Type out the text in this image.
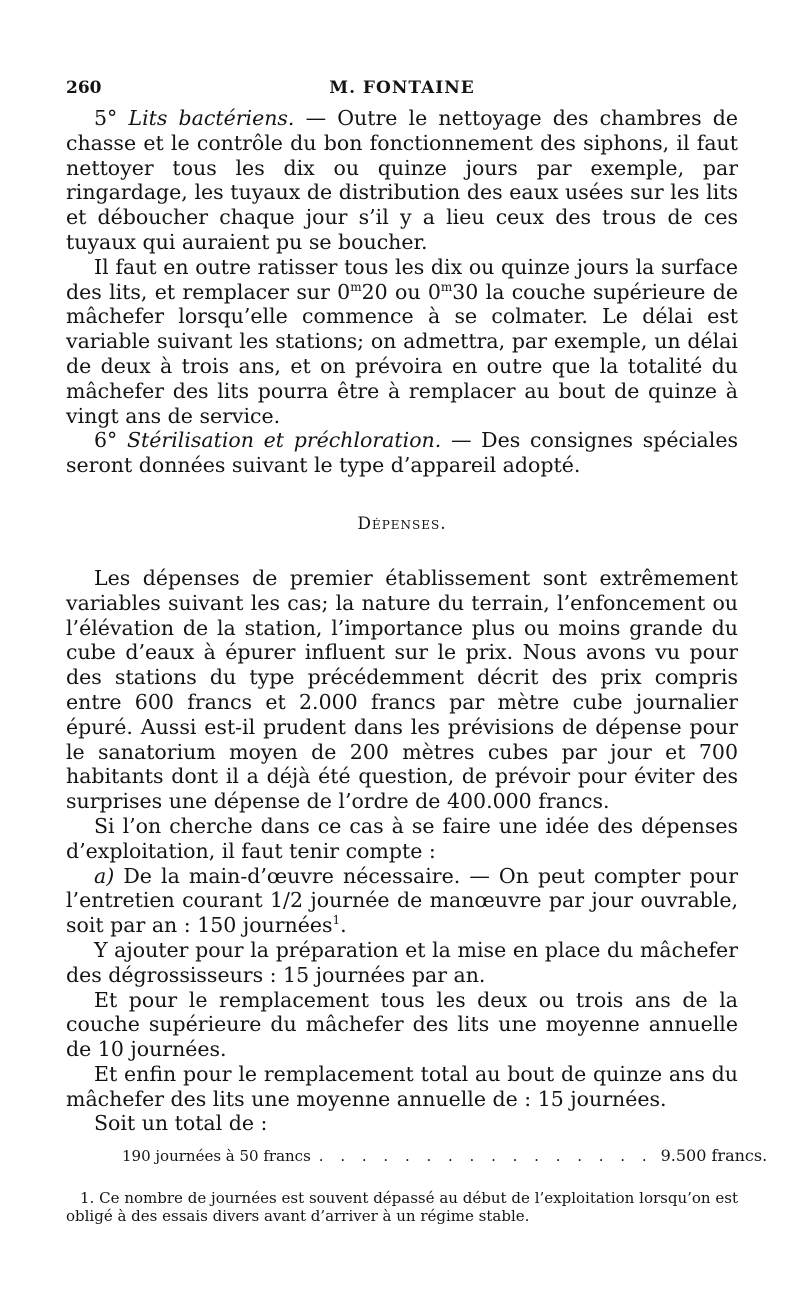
260	M. FONTAINE

5° Lits bactériens. — Outre le nettoyage des chambres de chasse et le contrôle du bon fonctionnement des siphons, il faut nettoyer tous les dix ou quinze jours par exemple, par ringardage, les tuyaux de distribution des eaux usées sur les lits et déboucher chaque jour s’il y a lieu ceux des trous de ces tuyaux qui auraient pu se boucher.

Il faut en outre ratisser tous les dix ou quinze jours la surface des lits, et remplacer sur 0$^m$20 ou 0$^m$30 la couche supérieure de mâchefer lorsqu’elle commence à se colmater. Le délai est variable suivant les stations; on admettra, par exemple, un délai de deux à trois ans, et on prévoira en outre que la totalité du mâchefer des lits pourra être à remplacer au bout de quinze à vingt ans de service.

6° Stérilisation et préchloration. — Des consignes spéciales seront données suivant le type d’appareil adopté.

Dépenses.

Les dépenses de premier établissement sont extrêmement variables suivant les cas; la nature du terrain, l’enfoncement ou l’élévation de la station, l’importance plus ou moins grande du cube d’eaux à épurer influent sur le prix. Nous avons vu pour des stations du type précédemment décrit des prix compris entre 600 francs et 2.000 francs par mètre cube journalier épuré. Aussi est-il prudent dans les prévisions de dépense pour le sanatorium moyen de 200 mètres cubes par jour et 700 habitants dont il a déjà été question, de prévoir pour éviter des surprises une dépense de l’ordre de 400.000 francs.

Si l’on cherche dans ce cas à se faire une idée des dépenses d’exploitation, il faut tenir compte :

a) De la main-d’œuvre nécessaire. — On peut compter pour l’entretien courant 1/2 journée de manœuvre par jour ouvrable, soit par an : 150 journées$^1$.

Y ajouter pour la préparation et la mise en place du mâchefer des dégrossisseurs : 15 journées par an.

Et pour le remplacement tous les deux ou trois ans de la couche supérieure du mâchefer des lits une moyenne annuelle de 10 journées.

Et enfin pour le remplacement total au bout de quinze ans du mâchefer des lits une moyenne annuelle de : 15 journées.

Soit un total de :

190 journées à 50 francs . . . . . . . . . . . . . . . . 9.500 francs.
1. Ce nombre de journées est souvent dépassé au début de l’exploitation lorsqu’on est obligé à des essais divers avant d’arriver à un régime stable.
